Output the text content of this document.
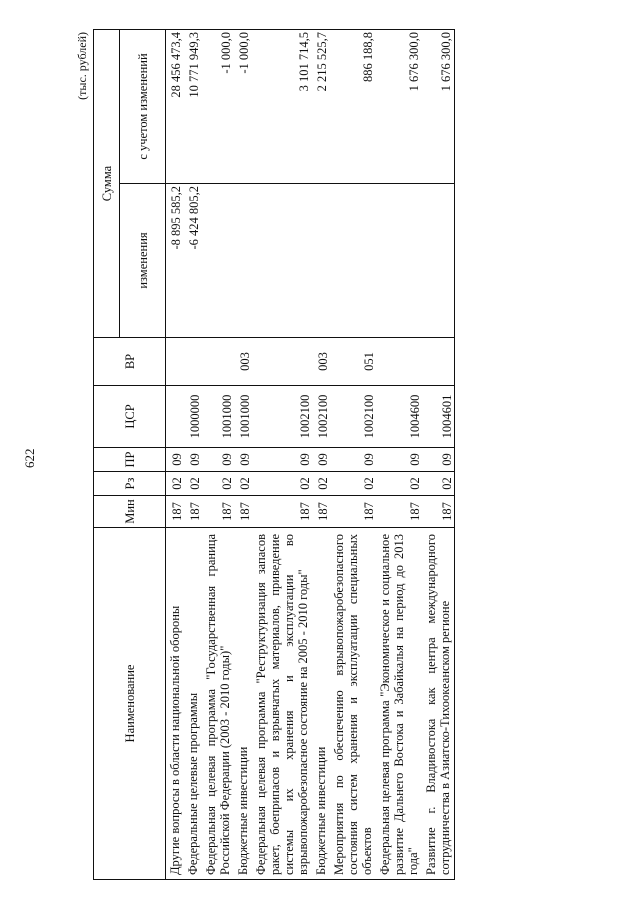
622
(тыс. рублей)
Наименование	Мин	Рз	ПР	ЦСР	ВР	Сумма	
						изменения	с учетом изменений
Другие вопросы в области национальной обороны	187	02	09			-8 895 585,2	28 456 473,4
Федеральные целевые программы	187	02	09	1000000		-6 424 805,2	10 771 949,3
Федеральная целевая программа "Государственная граница Российской Федерации (2003 - 2010 годы)"	187	02	09	1001000			-1 000,0
Бюджетные инвестиции	187	02	09	1001000	003		-1 000,0
Федеральная целевая программа "Реструктуризация запасов ракет, боеприпасов и взрывчатых материалов, приведение системы их хранения и эксплуатации во взрывопожаробезопасное состояние на 2005 - 2010 годы"	187	02	09	1002100			3 101 714,5
Бюджетные инвестиции	187	02	09	1002100	003		2 215 525,7
Мероприятия по обеспечению взрывопожаробезопасного состояния систем хранения и эксплуатации специальных объектов	187	02	09	1002100	051		886 188,8
Федеральная целевая программа "Экономическое и социальное развитие Дальнего Востока и Забайкалья на период до 2013 года"	187	02	09	1004600			1 676 300,0
Развитие г. Владивостока как центра международного сотрудничества в Азиатско-Тихоокеанском регионе	187	02	09	1004601			1 676 300,0
